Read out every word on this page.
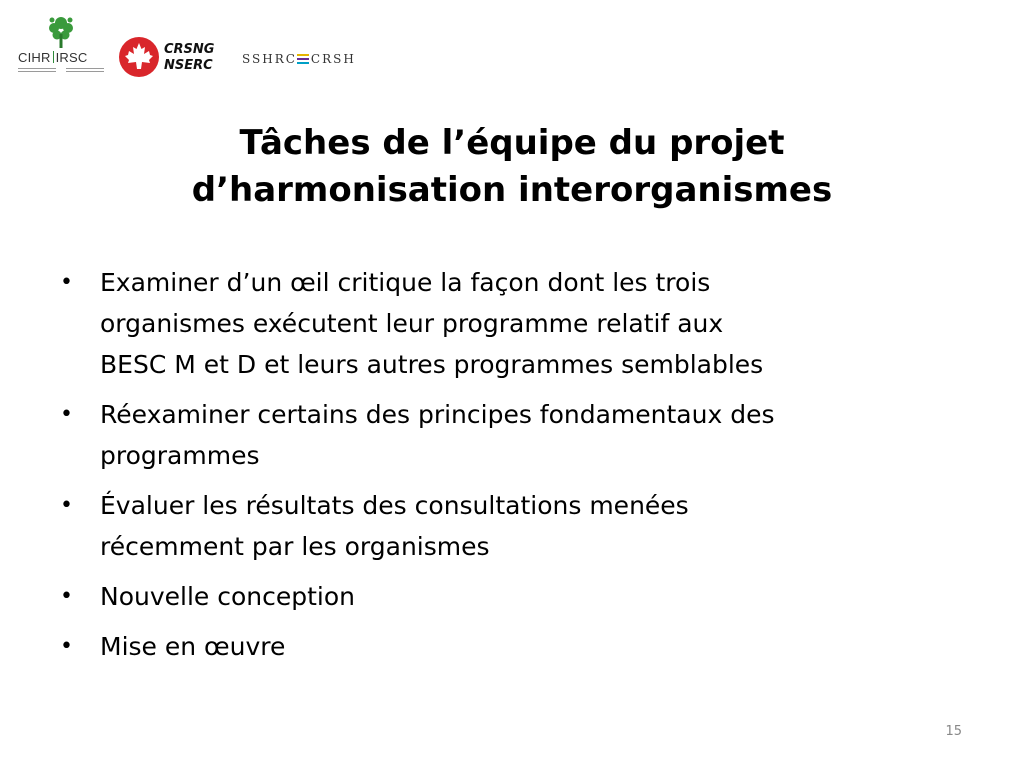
CIHR IRSC
CRSNG
NSERC SSHRC CRSH
Tâches de l’équipe du projet
d’harmonisation interorganismes
• Examiner d’un œil critique la façon dont les trois
organismes exécutent leur programme relatif aux
BESC M et D et leurs autres programmes semblables
• Réexaminer certains des principes fondamentaux des
programmes
• Évaluer les résultats des consultations menées
récemment par les organismes
• Nouvelle conception
• Mise en œuvre
15
